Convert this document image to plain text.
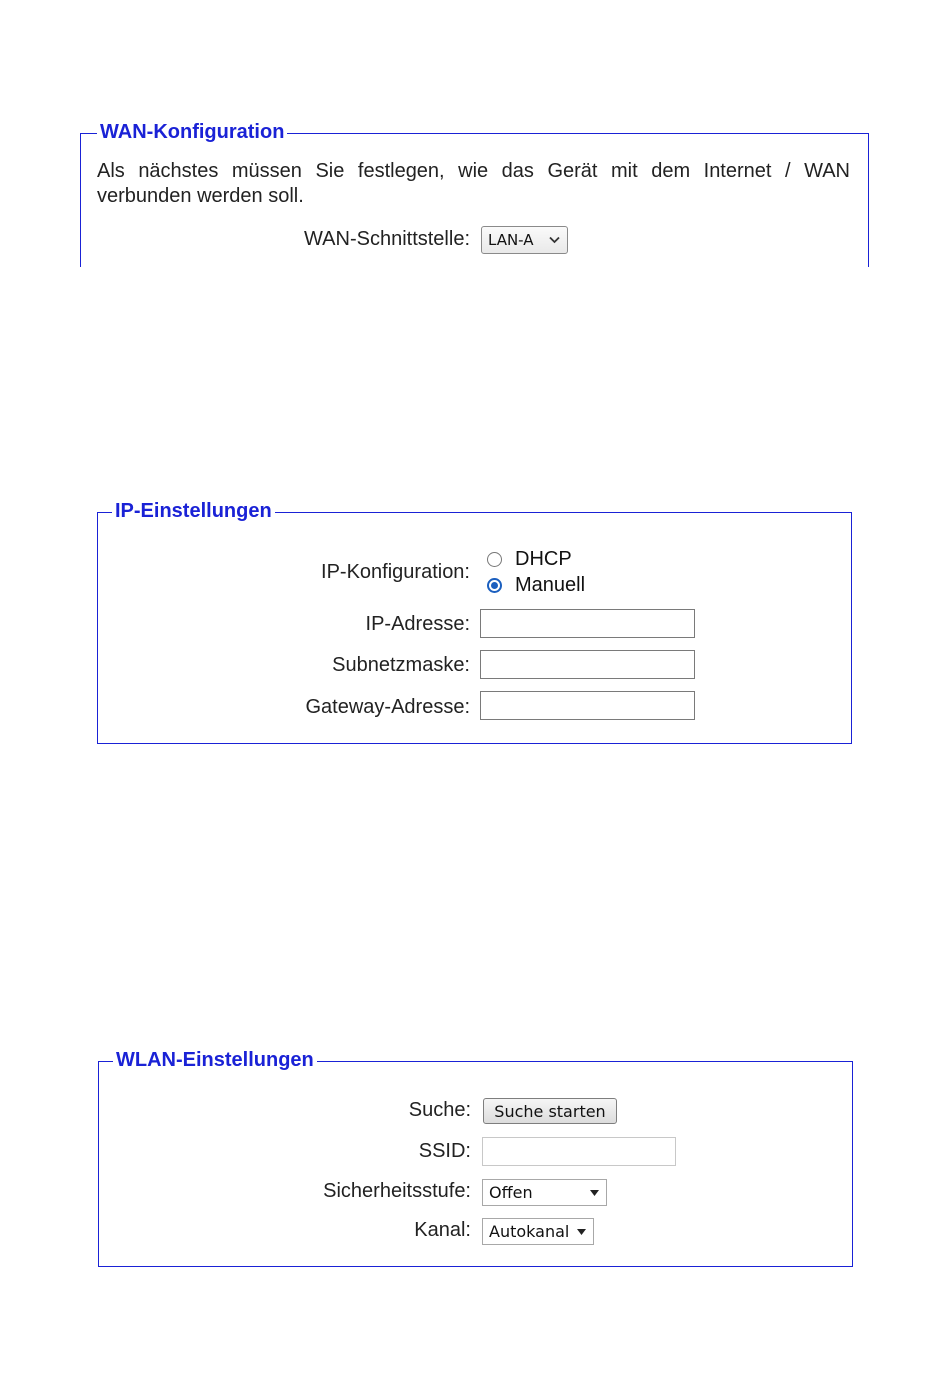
WAN-Konfiguration
Als nächstes müssen Sie festlegen, wie das Gerät mit dem Internet / WAN verbunden werden soll.
WAN-Schnittstelle: LAN-A
IP-Einstellungen
IP-Konfiguration:
DHCP
Manuell
IP-Adresse:
Subnetzmaske:
Gateway-Adresse:
WLAN-Einstellungen
Suche:	Suche starten
SSID:
Sicherheitsstufe: Offen
Kanal: Autokanal
